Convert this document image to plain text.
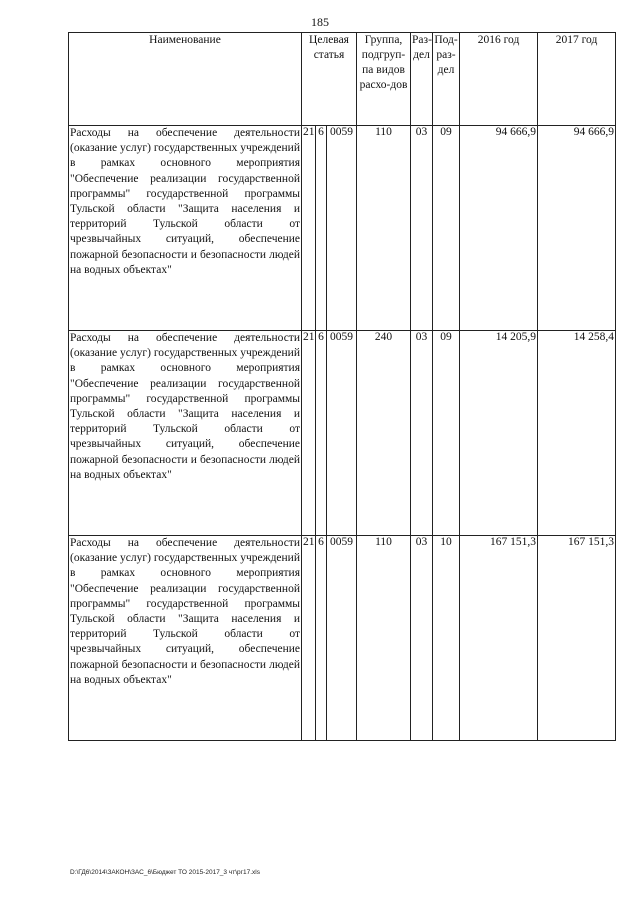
185
Наименование	Целевая статья			Группа, подгруп-па видов расхо-дов	Раз-дел	Под-раз-дел	2016 год	2017 год
Расходы на обеспечение деятельности (оказание услуг) государственных учреждений в рамках основного мероприятия "Обеспечение реализации государственной программы" государственной программы Тульской области "Защита населения и территорий Тульской области от чрезвычайных ситуаций, обеспечение пожарной безопасности и безопасности людей на водных объектах"	21	6	0059	110	03	09	94 666,9	94 666,9
Расходы на обеспечение деятельности (оказание услуг) государственных учреждений в рамках основного мероприятия "Обеспечение реализации государственной программы" государственной программы Тульской области "Защита населения и территорий Тульской области от чрезвычайных ситуаций, обеспечение пожарной безопасности и безопасности людей на водных объектах"	21	6	0059	240	03	09	14 205,9	14 258,4
Расходы на обеспечение деятельности (оказание услуг) государственных учреждений в рамках основного мероприятия "Обеспечение реализации государственной программы" государственной программы Тульской области "Защита населения и территорий Тульской области от чрезвычайных ситуаций, обеспечение пожарной безопасности и безопасности людей на водных объектах"	21	6	0059	110	03	10	167 151,3	167 151,3
D:\ГД6\2014\ЗАКОН\ЗАС_6\Бюджет ТО 2015-2017_3 чт\рг17.xls
